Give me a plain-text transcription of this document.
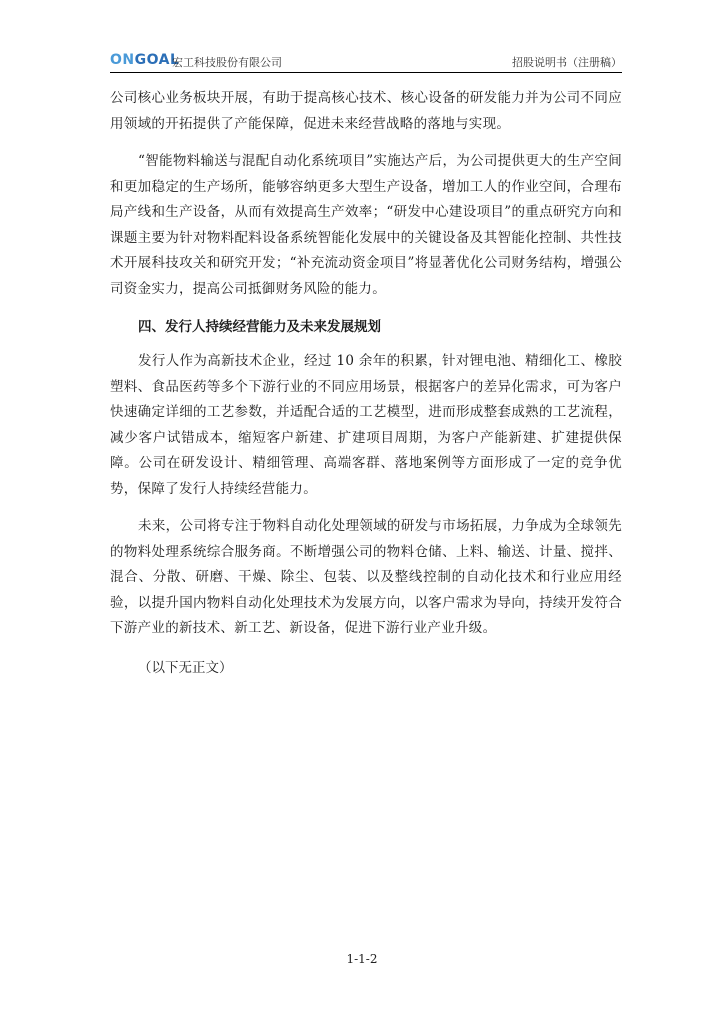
ONGOAL
宏工科技股份有限公司	招股说明书（注册稿）

公司核心业务板块开展，有助于提高核心技术、核心设备的研发能力并为公司不同应用领域的开拓提供了产能保障，促进未来经营战略的落地与实现。

“智能物料输送与混配自动化系统项目”实施达产后，为公司提供更大的生产空间和更加稳定的生产场所，能够容纳更多大型生产设备，增加工人的作业空间，合理布局产线和生产设备，从而有效提高生产效率；“研发中心建设项目”的重点研究方向和课题主要为针对物料配料设备系统智能化发展中的关键设备及其智能化控制、共性技术开展科技攻关和研究开发；“补充流动资金项目”将显著优化公司财务结构，增强公司资金实力，提高公司抵御财务风险的能力。

四、发行人持续经营能力及未来发展规划

发行人作为高新技术企业，经过 10 余年的积累，针对锂电池、精细化工、橡胶塑料、食品医药等多个下游行业的不同应用场景，根据客户的差异化需求，可为客户快速确定详细的工艺参数，并适配合适的工艺模型，进而形成整套成熟的工艺流程，减少客户试错成本，缩短客户新建、扩建项目周期，为客户产能新建、扩建提供保障。公司在研发设计、精细管理、高端客群、落地案例等方面形成了一定的竞争优势，保障了发行人持续经营能力。

未来，公司将专注于物料自动化处理领域的研发与市场拓展，力争成为全球领先的物料处理系统综合服务商。不断增强公司的物料仓储、上料、输送、计量、搅拌、混合、分散、研磨、干燥、除尘、包装、以及整线控制的自动化技术和行业应用经验，以提升国内物料自动化处理技术为发展方向，以客户需求为导向，持续开发符合下游产业的新技术、新工艺、新设备，促进下游行业产业升级。

（以下无正文）
1-1-2
